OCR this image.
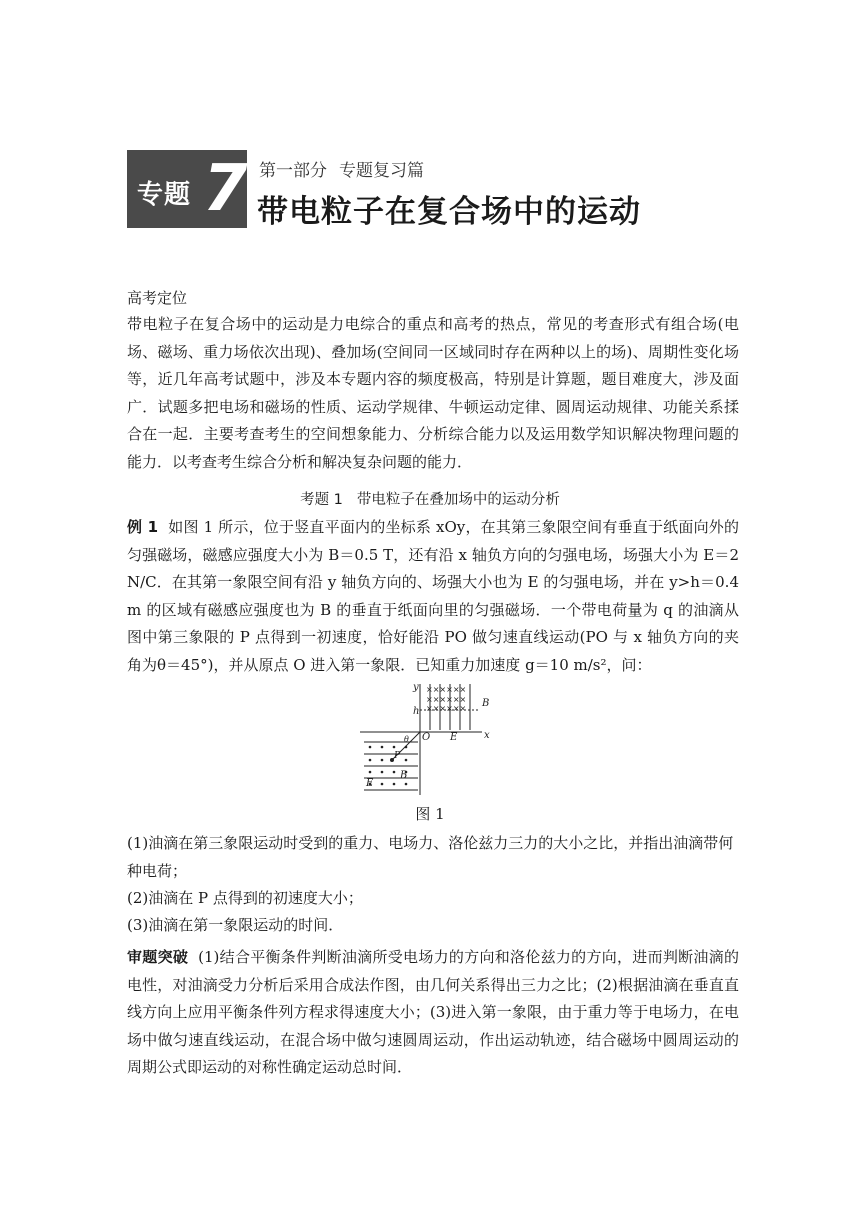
专题 7 第一部分 专题复习篇
带电粒子在复合场中的运动
高考定位

带电粒子在复合场中的运动是力电综合的重点和高考的热点，常见的考查形式有组合场(电场、磁场、重力场依次出现)、叠加场(空间同一区域同时存在两种以上的场)、周期性变化场等，近几年高考试题中，涉及本专题内容的频度极高，特别是计算题，题目难度大，涉及面广．试题多把电场和磁场的性质、运动学规律、牛顿运动定律、圆周运动规律、功能关系揉合在一起．主要考查考生的空间想象能力、分析综合能力以及运用数学知识解决物理问题的能力．以考查考生综合分析和解决复杂问题的能力．

考题 1 带电粒子在叠加场中的运动分析

例 1 如图 1 所示，位于竖直平面内的坐标系 xOy，在其第三象限空间有垂直于纸面向外的匀强磁场，磁感应强度大小为 B＝0.5 T，还有沿 x 轴负方向的匀强电场，场强大小为 E＝2 N/C．在其第一象限空间有沿 y 轴负方向的、场强大小也为 E 的匀强电场，并在 y>h＝0.4 m 的区域有磁感应强度也为 B 的垂直于纸面向里的匀强磁场．一个带电荷量为 q 的油滴从图中第三象限的 P 点得到一初速度，恰好能沿 PO 做匀速直线运动(PO 与 x 轴负方向的夹角为θ＝45°)，并从原点 O 进入第一象限．已知重力加速度 g＝10 m/s²，问：

××××××
××××××
××××××
y
h
B
O E	x
θ
P
B
E
图 1

(1)油滴在第三象限运动时受到的重力、电场力、洛伦兹力三力的大小之比，并指出油滴带何种电荷；

(2)油滴在 P 点得到的初速度大小；

(3)油滴在第一象限运动的时间．

审题突破 (1)结合平衡条件判断油滴所受电场力的方向和洛伦兹力的方向，进而判断油滴的电性，对油滴受力分析后采用合成法作图，由几何关系得出三力之比；(2)根据油滴在垂直直线方向上应用平衡条件列方程求得速度大小；(3)进入第一象限，由于重力等于电场力，在电场中做匀速直线运动，在混合场中做匀速圆周运动，作出运动轨迹，结合磁场中圆周运动的周期公式即运动的对称性确定运动总时间．
